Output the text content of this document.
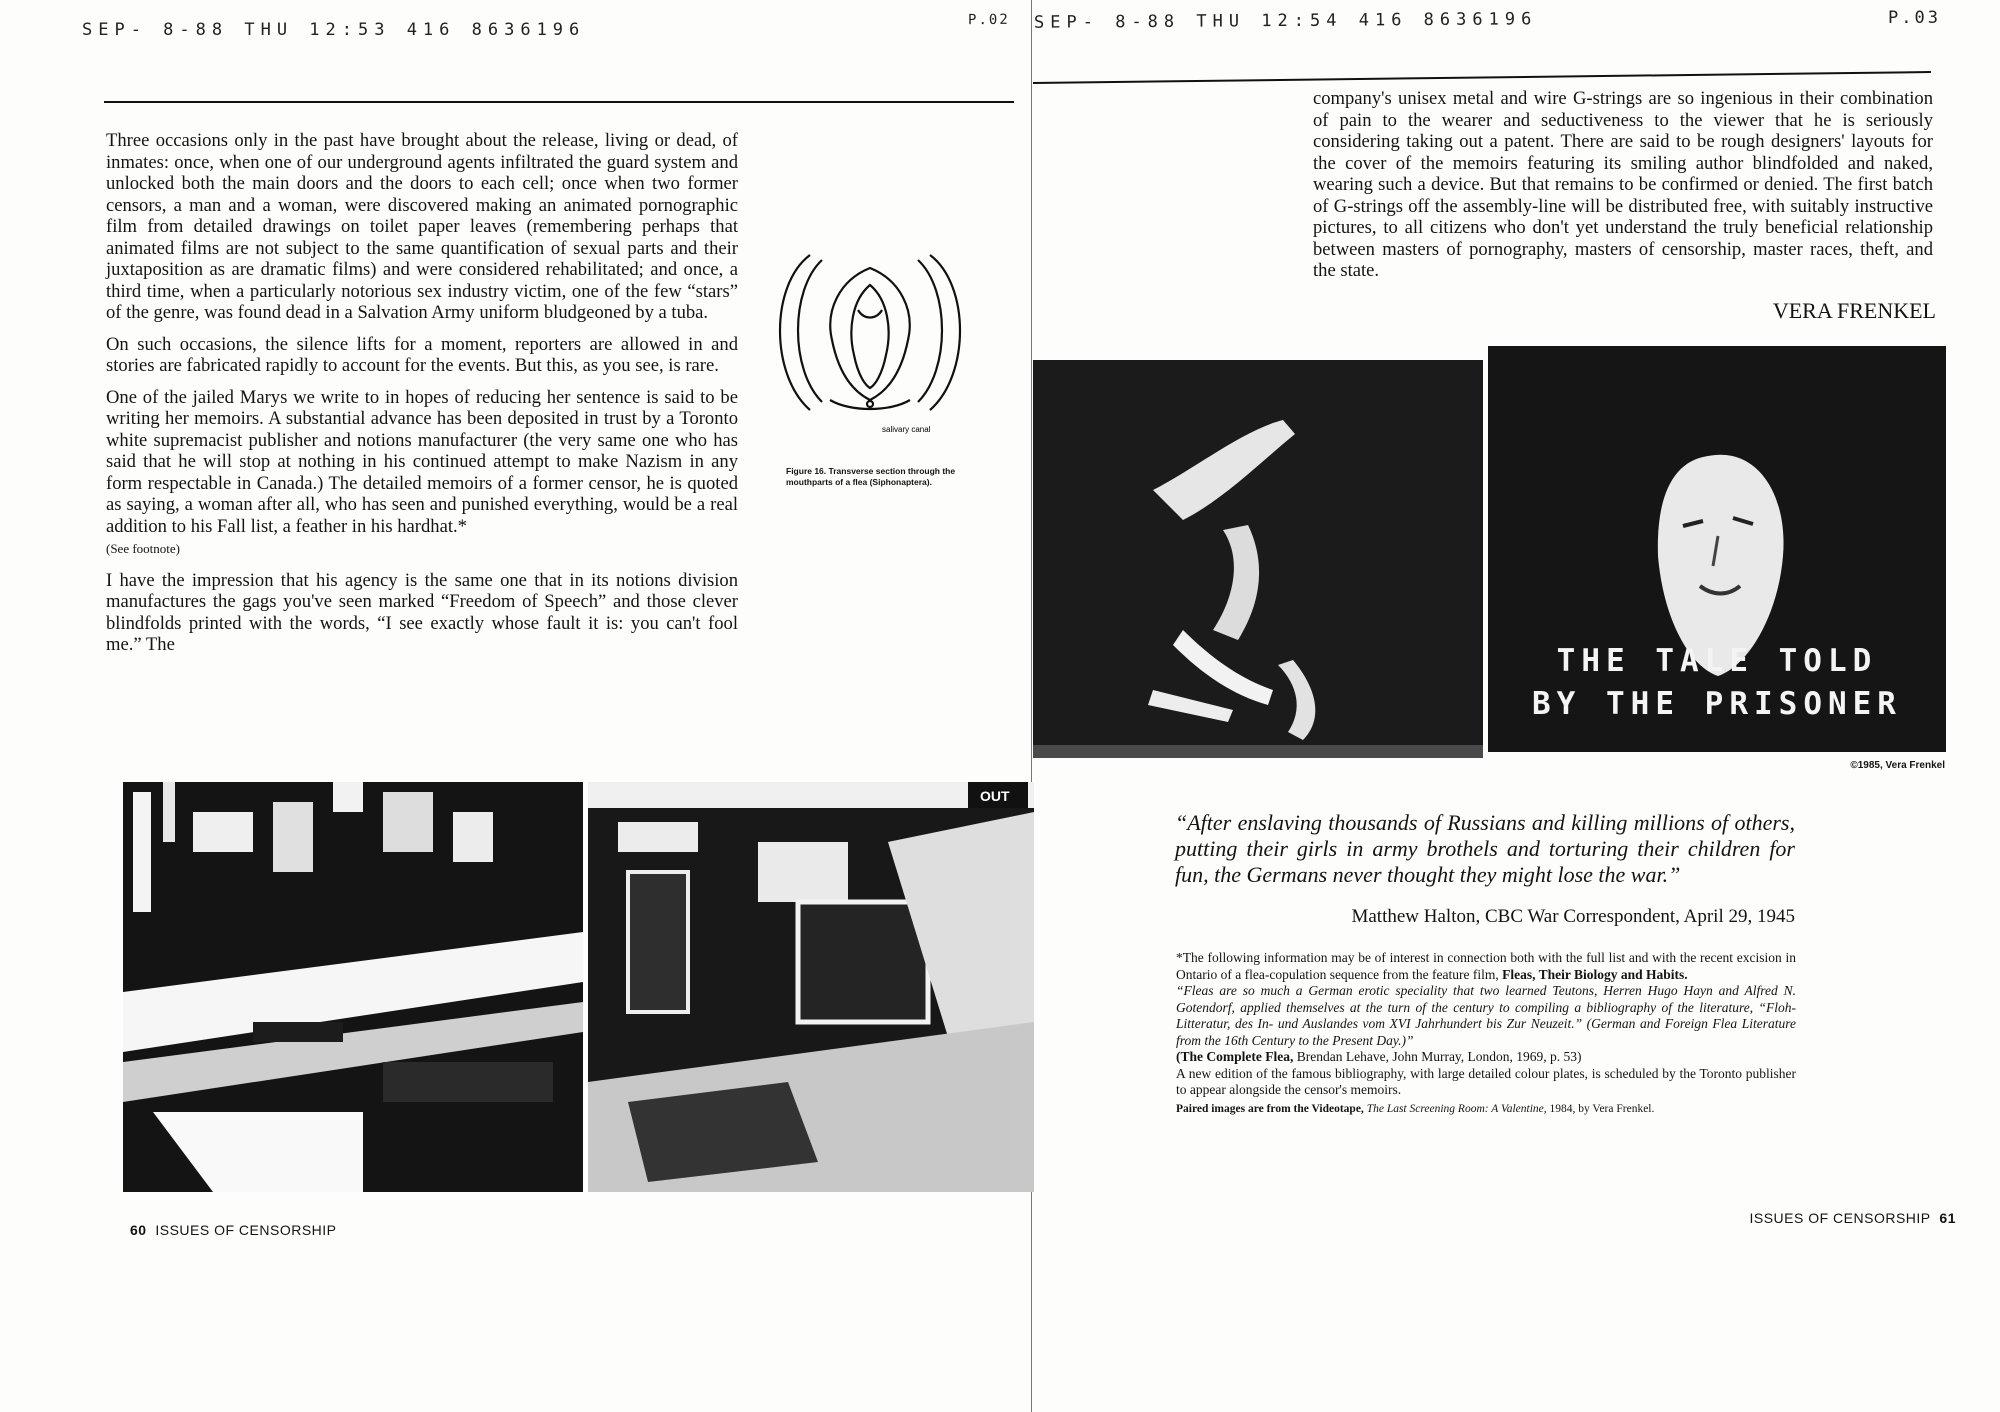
SEP- 8-88 THU 12:53 416 8636196	P.02 SEP- 8-88 THU 12:54 416 8636196	P.03

Three occasions only in the past have brought about the release, living or dead, of inmates: once, when one of our underground agents infiltrated the guard system and unlocked both the main doors and the doors to each cell; once when two former censors, a man and a woman, were discovered making an animated pornographic film from detailed drawings on toilet paper leaves (remembering perhaps that animated films are not subject to the same quantification of sexual parts and their juxtaposition as are dramatic films) and were considered rehabilitated; and once, a third time, when a particularly notorious sex industry victim, one of the few “stars” of the genre, was found dead in a Salvation Army uniform bludgeoned by a tuba.

On such occasions, the silence lifts for a moment, reporters are allowed in and stories are fabricated rapidly to account for the events. But this, as you see, is rare.

One of the jailed Marys we write to in hopes of reducing her sentence is said to be writing her memoirs. A substantial advance has been deposited in trust by a Toronto white supremacist publisher and notions manufacturer (the very same one who has said that he will stop at nothing in his continued attempt to make Nazism in any form respectable in Canada.) The detailed memoirs of a former censor, he is quoted as saying, a woman after all, who has seen and punished everything, would be a real addition to his Fall list, a feather in his hardhat.*

(See footnote)

I have the impression that his agency is the same one that in its notions division manufactures the gags you've seen marked “Freedom of Speech” and those clever blindfolds printed with the words, “I see exactly whose fault it is: you can't fool me.” The

salivary canal
Figure 16. Transverse section through the mouthparts of a flea (Siphonaptera).
OUT
60 ISSUES OF CENSORSHIP

company's unisex metal and wire G-strings are so ingenious in their combination of pain to the wearer and seductiveness to the viewer that he is seriously considering taking out a patent. There are said to be rough designers' layouts for the cover of the memoirs featuring its smiling author blindfolded and naked, wearing such a device. But that remains to be confirmed or denied. The first batch of G-strings off the assembly-line will be distributed free, with suitably instructive pictures, to all citizens who don't yet understand the truly beneficial relationship between masters of pornography, masters of censorship, master races, theft, and the state.

VERA FRENKEL
THE TALE TOLD
BY THE PRISONER
©1985, Vera Frenkel
“After enslaving thousands of Russians and killing millions of others, putting their girls in army brothels and torturing their children for fun, the Germans never thought they might lose the war.”
Matthew Halton, CBC War Correspondent, April 29, 1945

*The following information may be of interest in connection both with the full list and with the recent excision in Ontario of a flea-copulation sequence from the feature film, Fleas, Their Biology and Habits.

“Fleas are so much a German erotic speciality that two learned Teutons, Herren Hugo Hayn and Alfred N. Gotendorf, applied themselves at the turn of the century to compiling a bibliography of the literature, “Floh-Litteratur, des In- und Auslandes vom XVI Jahrhundert bis Zur Neuzeit.” (German and Foreign Flea Literature from the 16th Century to the Present Day.)”

(The Complete Flea, Brendan Lehave, John Murray, London, 1969, p. 53)

A new edition of the famous bibliography, with large detailed colour plates, is scheduled by the Toronto publisher to appear alongside the censor's memoirs.

Paired images are from the Videotape, The Last Screening Room: A Valentine, 1984, by Vera Frenkel.

ISSUES OF CENSORSHIP 61
